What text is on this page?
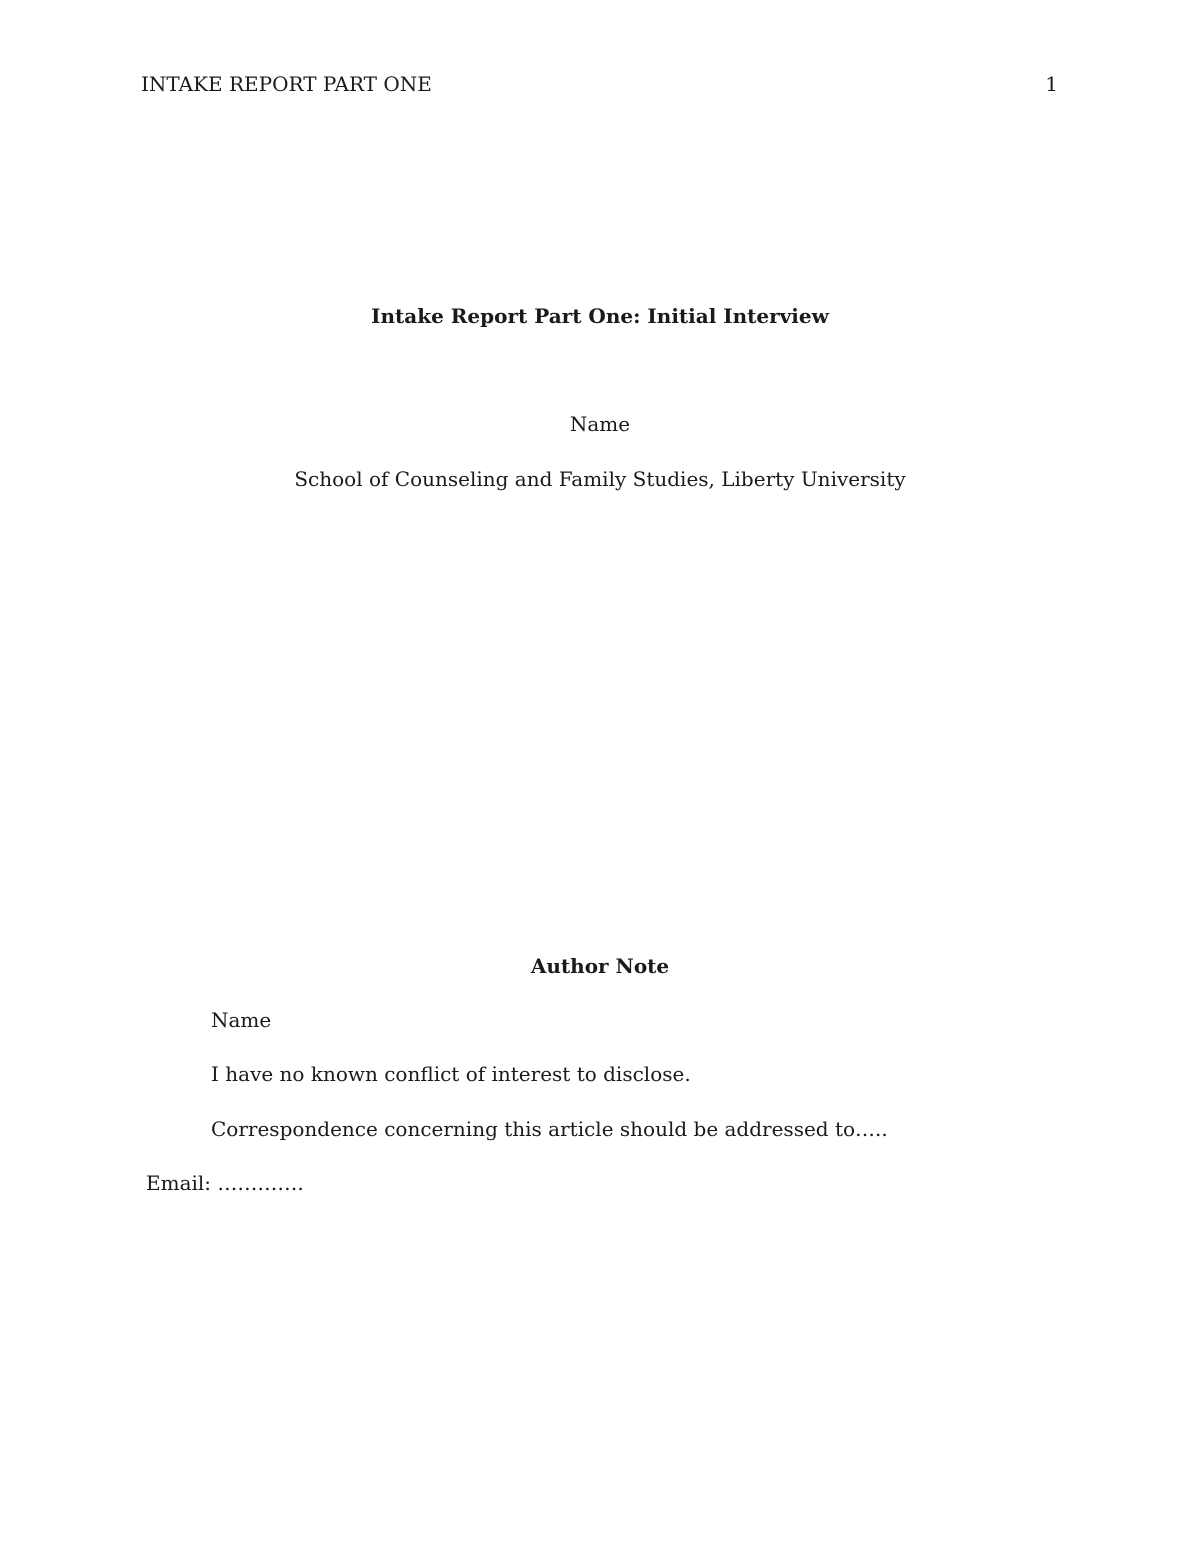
INTAKE REPORT PART ONE	1
Intake Report Part One: Initial Interview
Name
School of Counseling and Family Studies, Liberty University
Author Note
Name
I have no known conflict of interest to disclose.
Correspondence concerning this article should be addressed to…..
Email: ………….
